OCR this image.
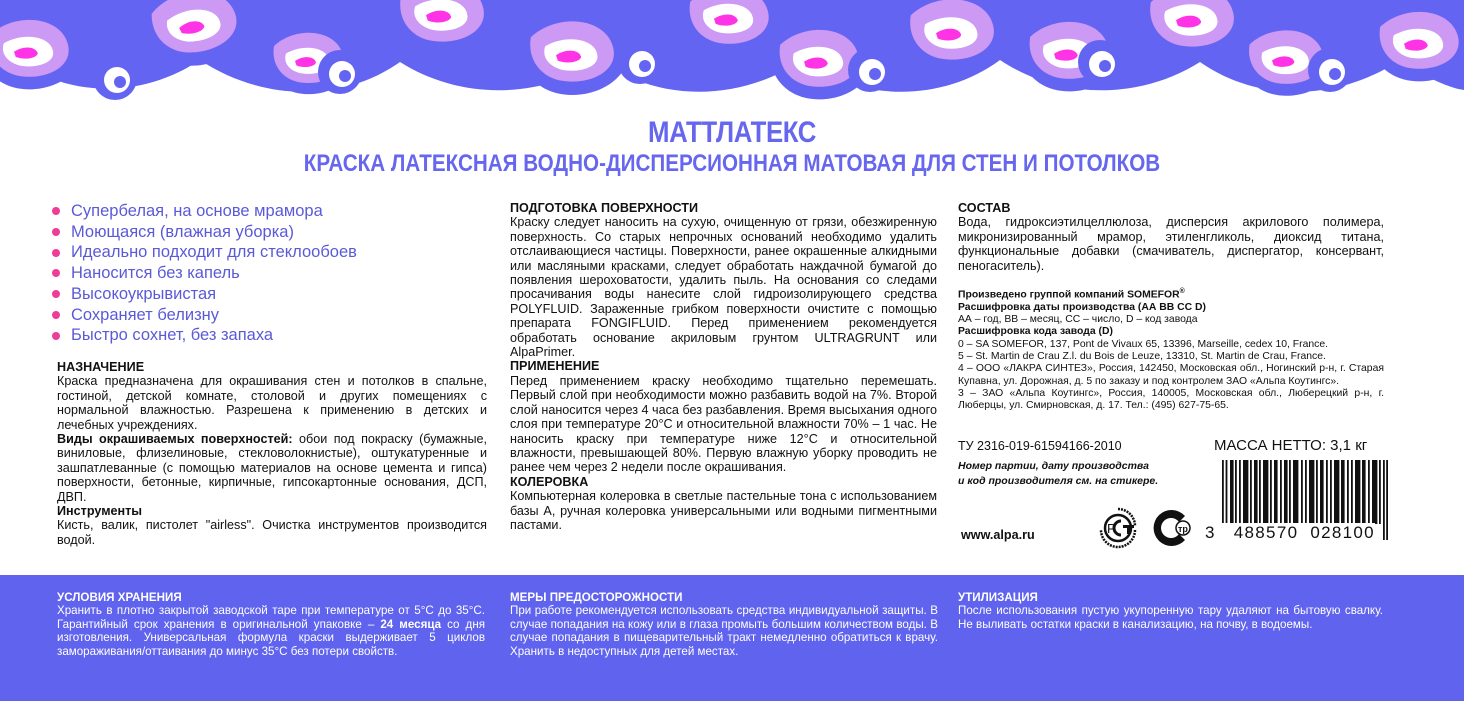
МАТТЛАТЕКС
КРАСКА ЛАТЕКСНАЯ ВОДНО-ДИСПЕРСИОННАЯ МАТОВАЯ ДЛЯ СТЕН И ПОТОЛКОВ
Супербелая, на основе мрамора
Моющаяся (влажная уборка)
Идеально подходит для стеклообоев
Наносится без капель
Высокоукрывистая
Сохраняет белизну
Быстро сохнет, без запаха
НАЗНАЧЕНИЕ

Краска предназначена для окрашивания стен и потолков в спальне, гостиной, детской комнате, столовой и других помещениях с нормальной влажностью. Разрешена к применению в детских и лечебных учреждениях.

Виды окрашиваемых поверхностей: обои под покраску (бумажные, виниловые, флизелиновые, стекловолокнистые), оштукатуренные и зашпатлеванные (с помощью материалов на основе цемента и гипса) поверхности, бетонные, кирпичные, гипсокартонные основания, ДСП, ДВП.

Инструменты

Кисть, валик, пистолет "airless". Очистка инструментов производится водой.

ПОДГОТОВКА ПОВЕРХНОСТИ

Краску следует наносить на сухую, очищенную от грязи, обезжиренную поверхность. Со старых непрочных оснований необходимо удалить отслаивающиеся частицы. Поверхности, ранее окрашенные алкидными или масляными красками, следует обработать наждачной бумагой до появления шероховатости, удалить пыль. На основания со следами просачивания воды нанесите слой гидроизолирующего средства POLYFLUID. Зараженные грибком поверхности очистите с помощью препарата FONGIFLUID. Перед применением рекомендуется обработать основание акриловым грунтом ULTRAGRUNT или AlpaPrimer.

ПРИМЕНЕНИЕ

Перед применением краску необходимо тщательно перемешать. Первый слой при необходимости можно разбавить водой на 7%. Второй слой наносится через 4 часа без разбавления. Время высыхания одного слоя при температуре 20°С и относительной влажности 70% – 1 час. Не наносить краску при температуре ниже 12°С и относительной влажности, превышающей 80%. Первую влажную уборку проводить не ранее чем через 2 недели после окрашивания.

КОЛЕРОВКА

Компьютерная колеровка в светлые пастельные тона с использованием базы А, ручная колеровка универсальными или водными пигментными пастами.

СОСТАВ

Вода, гидроксиэтилцеллюлоза, дисперсия акрилового полимера, микронизированный мрамор, этиленгликоль, диоксид титана, функциональные добавки (смачиватель, диспергатор, консервант, пеногаситель).

Произведено группой компаний SOMEFOR®
Расшифровка даты производства (АА ВВ СС D)

АА – год, ВВ – месяц, СС – число, D – код завода

Расшифровка кода завода (D)

0 – SA SOMEFOR, 137, Pont de Vivaux 65, 13396, Marseille, cedex 10, France.

5 – St. Martin de Crau Z.l. du Bois de Leuze, 13310, St. Martin de Crau, France.

4 – ООО «ЛАКРА СИНТЕЗ», Россия, 142450, Московская обл., Ногинский р-н, г. Старая Купавна, ул. Дорожная, д. 5 по заказу и под контролем ЗАО «Альпа Коутингс».

3 – ЗАО «Альпа Коутингс», Россия, 140005, Московская обл., Люберецкий р-н, г. Люберцы, ул. Смирновская, д. 17. Тел.: (495) 627-75-65.

ТУ 2316-019-61594166-2010
Номер партии, дату производства
и код производителя см. на стикере.
www.alpa.ru	Р	тр
МАССА НЕТТО: 3,1 кг
3 488570 028100
УСЛОВИЯ ХРАНЕНИЯ

Хранить в плотно закрытой заводской таре при температуре от 5°С до 35°С. Гарантийный срок хранения в оригинальной упаковке – 24 месяца со дня изготовления. Универсальная формула краски выдерживает 5 циклов замораживания/оттаивания до минус 35°С без потери свойств.

МЕРЫ ПРЕДОСТОРОЖНОСТИ

При работе рекомендуется использовать средства индивидуальной защиты. В случае попадания на кожу или в глаза промыть большим количеством воды. В случае попадания в пищеварительный тракт немедленно обратиться к врачу. Хранить в недоступных для детей местах.

УТИЛИЗАЦИЯ

После использования пустую укупоренную тару удаляют на бытовую свалку. Не выливать остатки краски в канализацию, на почву, в водоемы.
